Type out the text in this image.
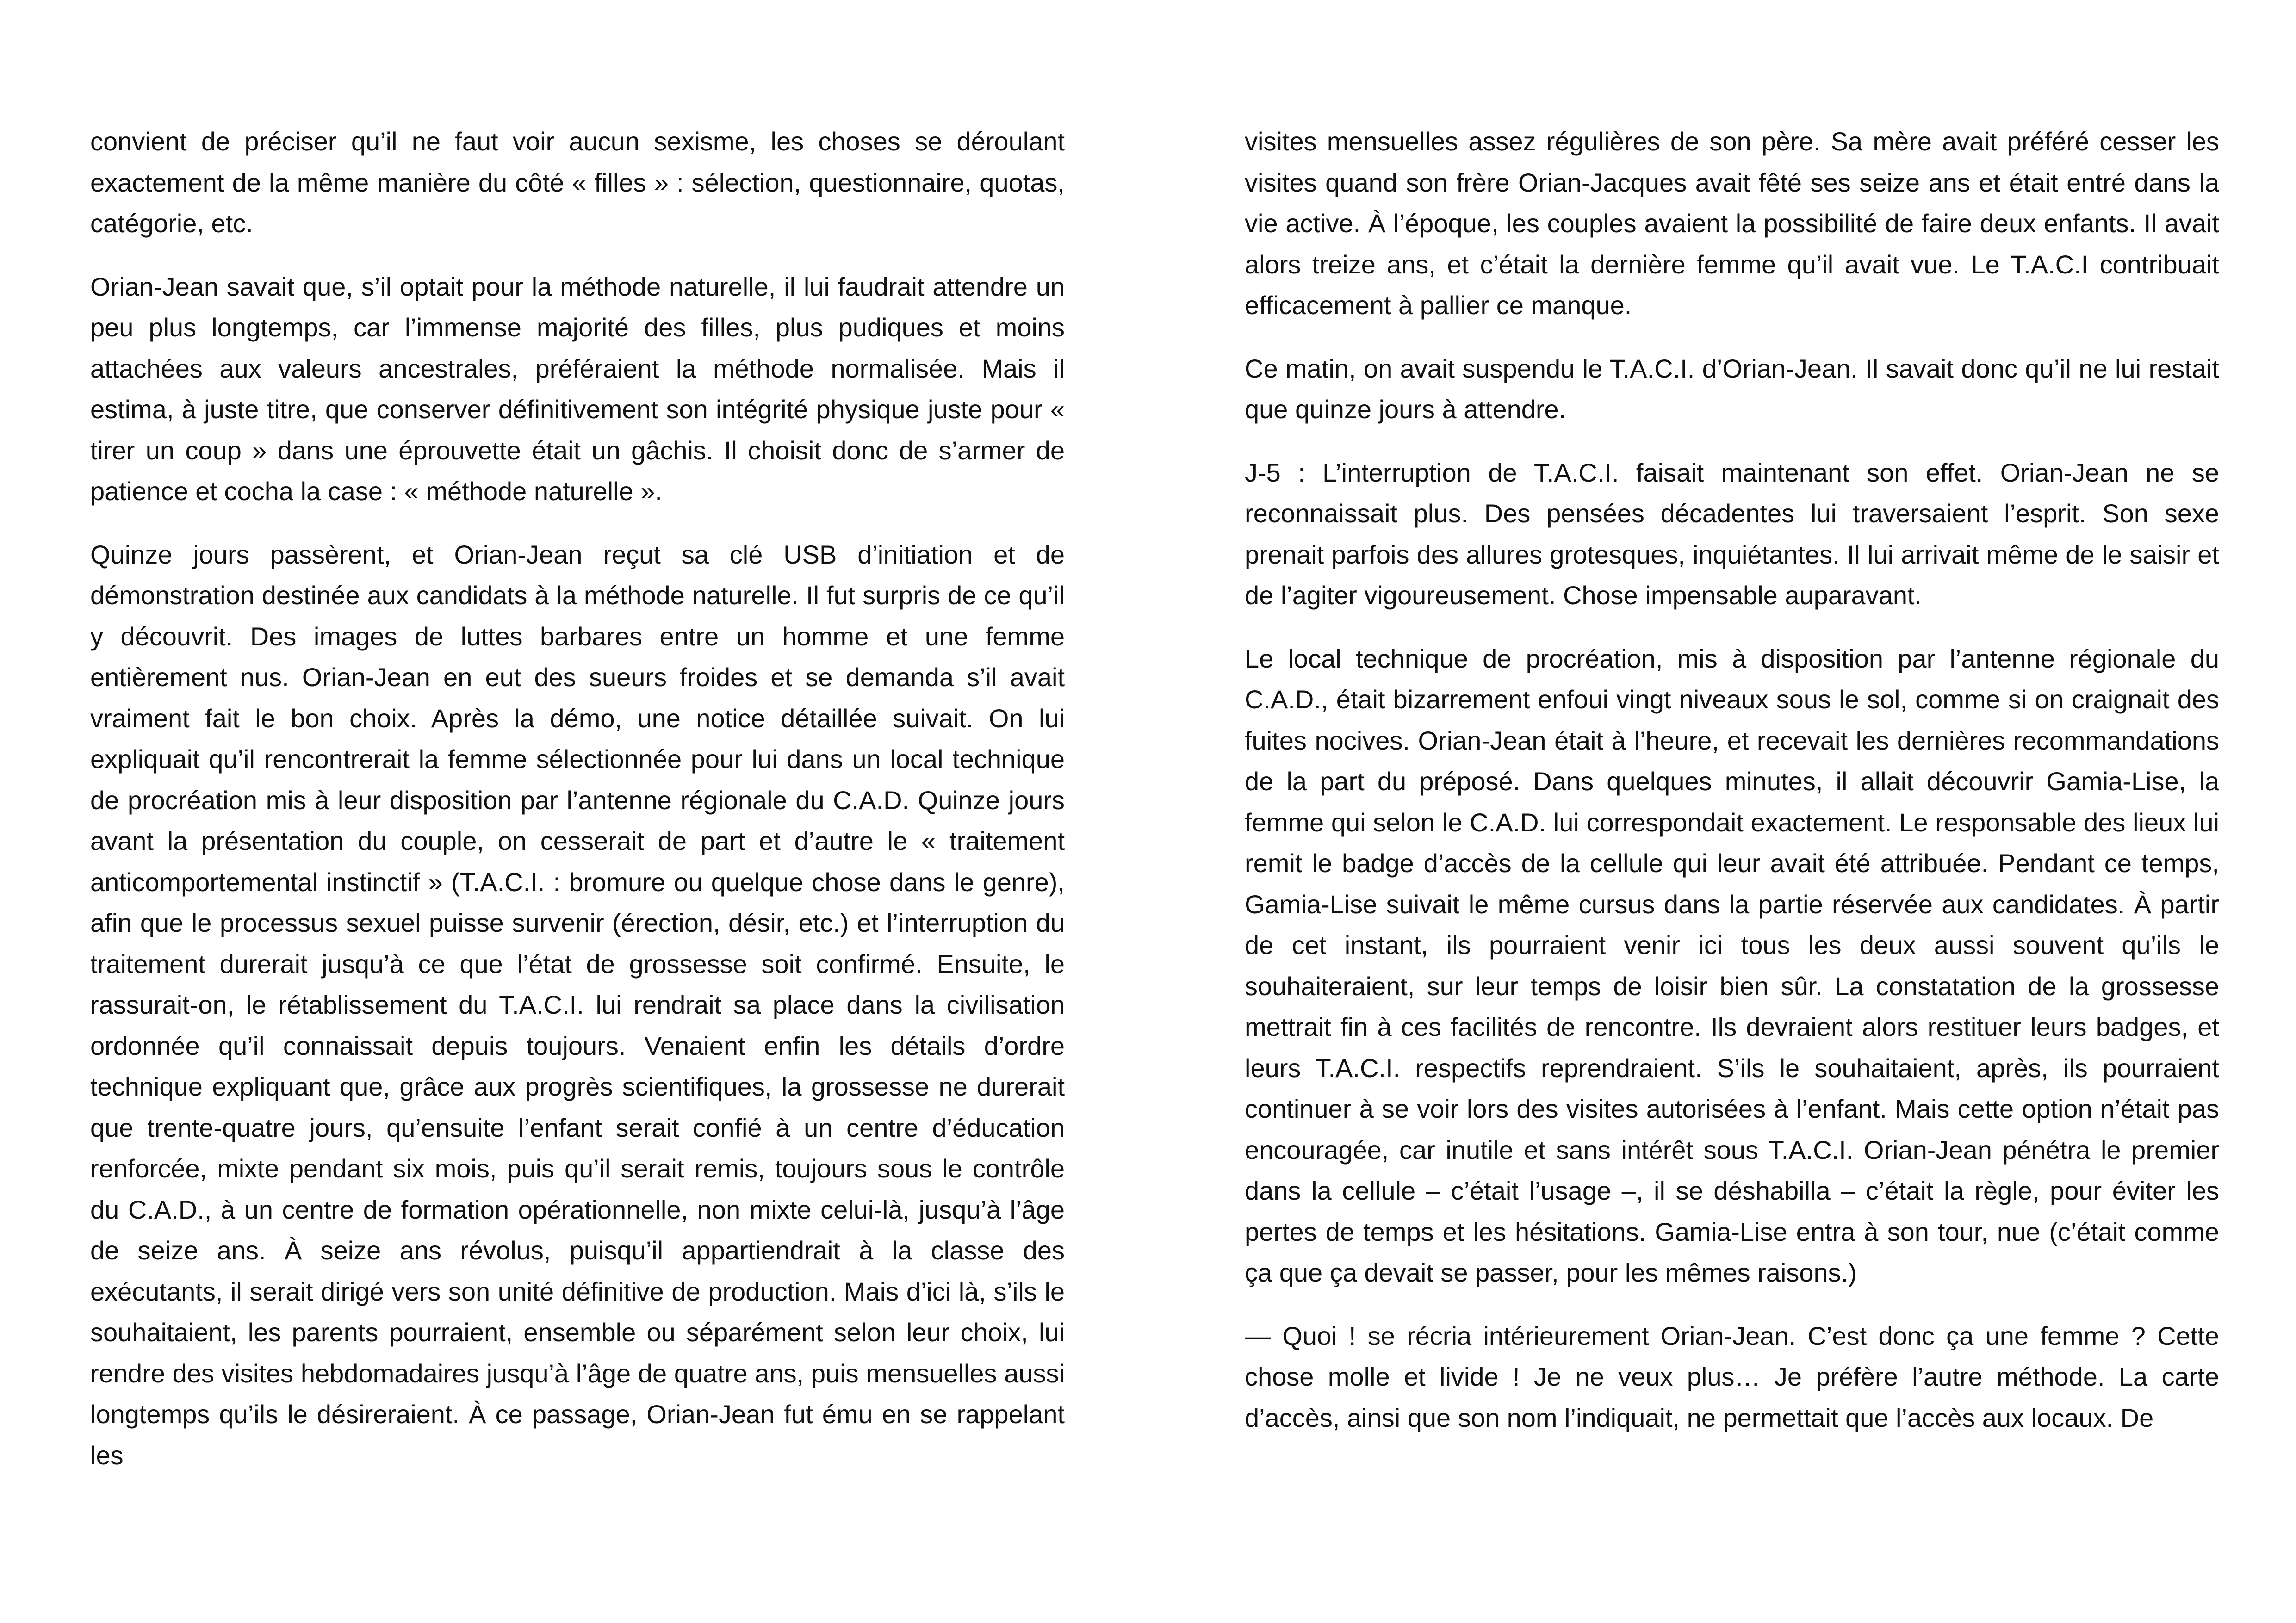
convient de préciser qu’il ne faut voir aucun sexisme, les choses se déroulant exactement de la même manière du côté « filles » : sélection, questionnaire, quotas, catégorie, etc.

Orian-Jean savait que, s’il optait pour la méthode naturelle, il lui faudrait attendre un peu plus longtemps, car l’immense majorité des filles, plus pudiques et moins attachées aux valeurs ancestrales, préféraient la méthode normalisée. Mais il estima, à juste titre, que conserver définitivement son intégrité physique juste pour « tirer un coup » dans une éprouvette était un gâchis. Il choisit donc de s’armer de patience et cocha la case : « méthode naturelle ».

Quinze jours passèrent, et Orian-Jean reçut sa clé USB d’initiation et de démonstration destinée aux candidats à la méthode naturelle. Il fut surpris de ce qu’il y découvrit. Des images de luttes barbares entre un homme et une femme entièrement nus. Orian-Jean en eut des sueurs froides et se demanda s’il avait vraiment fait le bon choix. Après la démo, une notice détaillée suivait. On lui expliquait qu’il rencontrerait la femme sélectionnée pour lui dans un local technique de procréation mis à leur disposition par l’antenne régionale du C.A.D. Quinze jours avant la présentation du couple, on cesserait de part et d’autre le « traitement anticomportemental instinctif » (T.A.C.I. : bromure ou quelque chose dans le genre), afin que le processus sexuel puisse survenir (érection, désir, etc.) et l’interruption du traitement durerait jusqu’à ce que l’état de grossesse soit confirmé. Ensuite, le rassurait-on, le rétablissement du T.A.C.I. lui rendrait sa place dans la civilisation ordonnée qu’il connaissait depuis toujours. Venaient enfin les détails d’ordre technique expliquant que, grâce aux progrès scientifiques, la grossesse ne durerait que trente-quatre jours, qu’ensuite l’enfant serait confié à un centre d’éducation renforcée, mixte pendant six mois, puis qu’il serait remis, toujours sous le contrôle du C.A.D., à un centre de formation opérationnelle, non mixte celui-là, jusqu’à l’âge de seize ans. À seize ans révolus, puisqu’il appartiendrait à la classe des exécutants, il serait dirigé vers son unité définitive de production. Mais d’ici là, s’ils le souhaitaient, les parents pourraient, ensemble ou séparément selon leur choix, lui rendre des visites hebdomadaires jusqu’à l’âge de quatre ans, puis mensuelles aussi longtemps qu’ils le désireraient. À ce passage, Orian-Jean fut ému en se rappelant les

visites mensuelles assez régulières de son père. Sa mère avait préféré cesser les visites quand son frère Orian-Jacques avait fêté ses seize ans et était entré dans la vie active. À l’époque, les couples avaient la possibilité de faire deux enfants. Il avait alors treize ans, et c’était la dernière femme qu’il avait vue. Le T.A.C.I contribuait efficacement à pallier ce manque.

Ce matin, on avait suspendu le T.A.C.I. d’Orian-Jean. Il savait donc qu’il ne lui restait que quinze jours à attendre.

J-5 : L’interruption de T.A.C.I. faisait maintenant son effet. Orian-Jean ne se reconnaissait plus. Des pensées décadentes lui traversaient l’esprit. Son sexe prenait parfois des allures grotesques, inquiétantes. Il lui arrivait même de le saisir et de l’agiter vigoureusement. Chose impensable auparavant.

Le local technique de procréation, mis à disposition par l’antenne régionale du C.A.D., était bizarrement enfoui vingt niveaux sous le sol, comme si on craignait des fuites nocives. Orian-Jean était à l’heure, et recevait les dernières recommandations de la part du préposé. Dans quelques minutes, il allait découvrir Gamia-Lise, la femme qui selon le C.A.D. lui correspondait exactement. Le responsable des lieux lui remit le badge d’accès de la cellule qui leur avait été attribuée. Pendant ce temps, Gamia-Lise suivait le même cursus dans la partie réservée aux candidates. À partir de cet instant, ils pourraient venir ici tous les deux aussi souvent qu’ils le souhaiteraient, sur leur temps de loisir bien sûr. La constatation de la grossesse mettrait fin à ces facilités de rencontre. Ils devraient alors restituer leurs badges, et leurs T.A.C.I. respectifs reprendraient. S’ils le souhaitaient, après, ils pourraient continuer à se voir lors des visites autorisées à l’enfant. Mais cette option n’était pas encouragée, car inutile et sans intérêt sous T.A.C.I. Orian-Jean pénétra le premier dans la cellule – c’était l’usage –, il se déshabilla – c’était la règle, pour éviter les pertes de temps et les hésitations. Gamia-Lise entra à son tour, nue (c’était comme ça que ça devait se passer, pour les mêmes raisons.)

— Quoi ! se récria intérieurement Orian-Jean. C’est donc ça une femme ? Cette chose molle et livide ! Je ne veux plus… Je préfère l’autre méthode. La carte d’accès, ainsi que son nom l’indiquait, ne permettait que l’accès aux locaux. De
